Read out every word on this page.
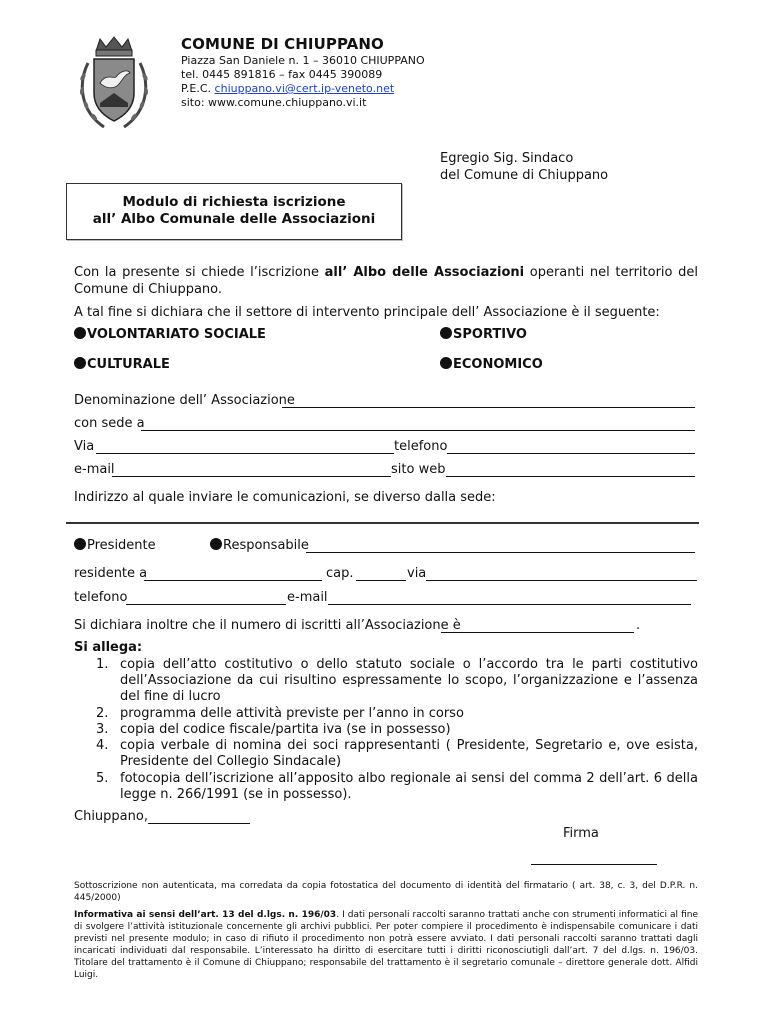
COMUNE DI CHIUPPANO
Piazza San Daniele n. 1 – 36010 CHIUPPANO
tel. 0445 891816 – fax 0445 390089
P.E.C. chiuppano.vi@cert.ip-veneto.net
sito: www.comune.chiuppano.vi.it
Egregio Sig. Sindaco
del Comune di Chiuppano
Modulo di richiesta iscrizione
all’ Albo Comunale delle Associazioni
Con la presente si chiede l’iscrizione all’ Albo delle Associazioni operanti nel territorio del Comune di Chiuppano.
A tal fine si dichiara che il settore di intervento principale dell’ Associazione è il seguente:
VOLONTARIATO SOCIALE	SPORTIVO
CULTURALE	ECONOMICO
Denominazione dell’ Associazione
con sede a
Via	telefono
e-mail	sito web
Indirizzo al quale inviare le comunicazioni, se diverso dalla sede:
Presidente	Responsabile
residente a	cap.	via
telefono	e-mail
Si dichiara inoltre che il numero di iscritti all’Associazione è	.
Si allega:
1. copia dell’atto costitutivo o dello statuto sociale o l’accordo tra le parti costitutivo dell’Associazione da cui risultino espressamente lo scopo, l’organizzazione e l’assenza del fine di lucro
2. programma delle attività previste per l’anno in corso
3. copia del codice fiscale/partita iva (se in possesso)
4. copia verbale di nomina dei soci rappresentanti ( Presidente, Segretario e, ove esista, Presidente del Collegio Sindacale)
5. fotocopia dell’iscrizione all’apposito albo regionale ai sensi del comma 2 dell’art. 6 della legge n. 266/1991 (se in possesso).
Chiuppano,
Firma
Sottoscrizione non autenticata, ma corredata da copia fotostatica del documento di identità del firmatario ( art. 38, c. 3, del D.P.R. n. 445/2000)
Informativa ai sensi dell’art. 13 del d.lgs. n. 196/03. I dati personali raccolti saranno trattati anche con strumenti informatici al fine di svolgere l’attività istituzionale concernente gli archivi pubblici. Per poter compiere il procedimento è indispensabile comunicare i dati previsti nel presente modulo; in caso di rifiuto il procedimento non potrà essere avviato. I dati personali raccolti saranno trattati dagli incaricati individuati dal responsabile. L’interessato ha diritto di esercitare tutti i diritti riconosciutigli dall’art. 7 del d.lgs. n. 196/03. Titolare del trattamento è il Comune di Chiuppano; responsabile del trattamento è il segretario comunale – direttore generale dott. Alfidi Luigi.
